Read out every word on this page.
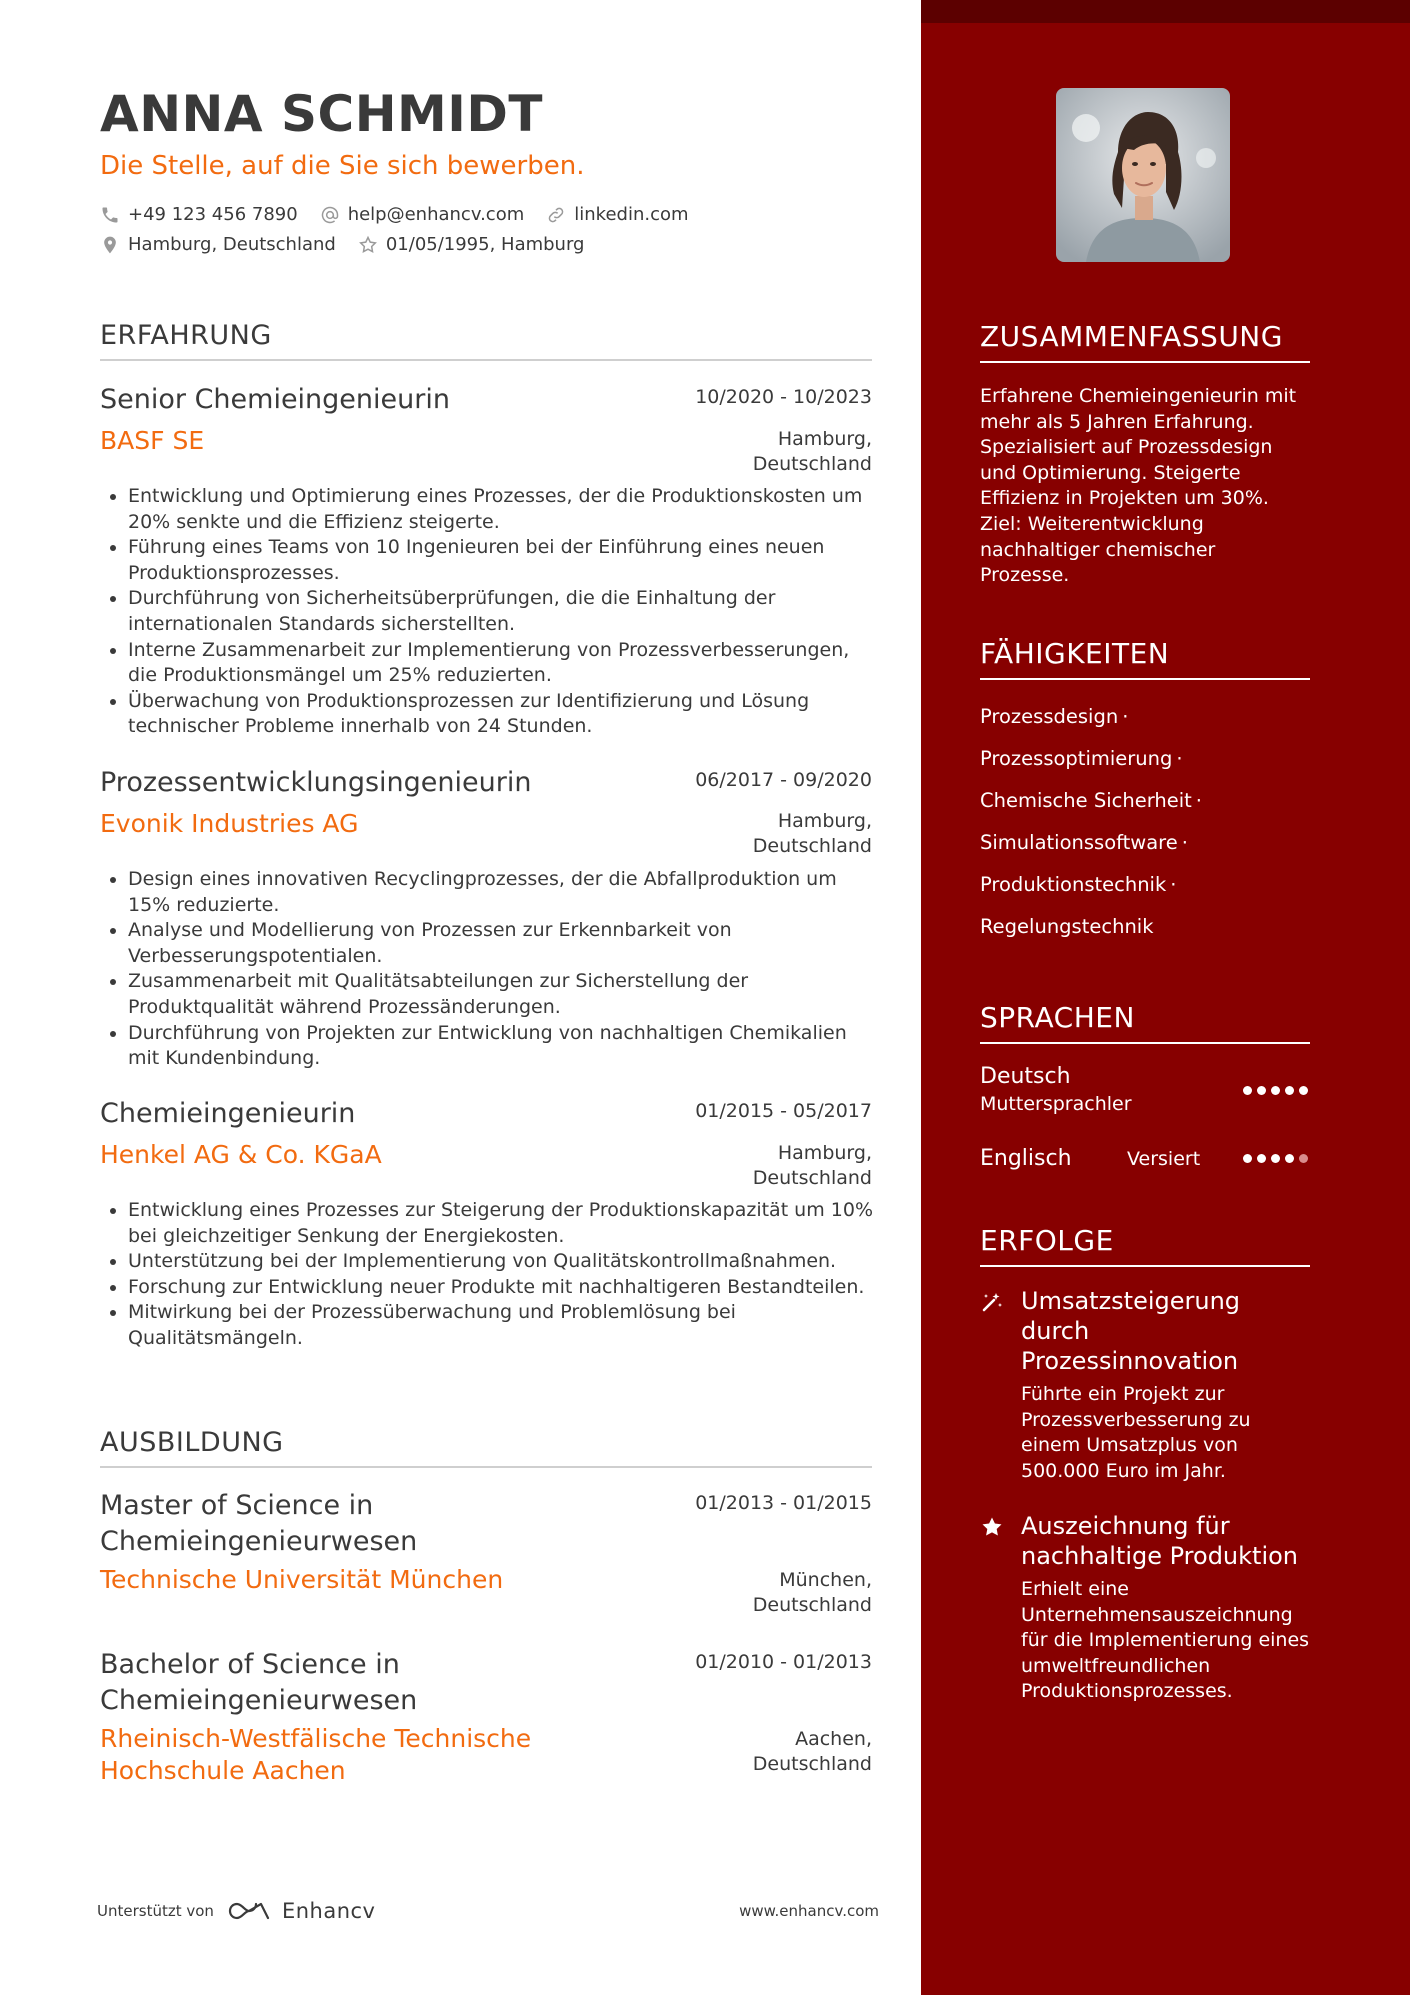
ANNA SCHMIDT
Die Stelle, auf die Sie sich bewerben.
+49 123 456 7890	help@enhancv.com	linkedin.com
Hamburg, Deutschland	01/05/1995, Hamburg
ERFAHRUNG
Senior Chemieingenieurin	10/2020 - 10/2023
BASF SE	Hamburg,
Deutschland
• Entwicklung und Optimierung eines Prozesses, der die Produktionskosten um 20% senkte und die Effizienz steigerte.
• Führung eines Teams von 10 Ingenieuren bei der Einführung eines neuen Produktionsprozesses.
• Durchführung von Sicherheitsüberprüfungen, die die Einhaltung der internationalen Standards sicherstellten.
• Interne Zusammenarbeit zur Implementierung von Prozessverbesserungen, die Produktionsmängel um 25% reduzierten.
• Überwachung von Produktionsprozessen zur Identifizierung und Lösung technischer Probleme innerhalb von 24 Stunden.
Prozessentwicklungsingenieurin	06/2017 - 09/2020
Evonik Industries AG	Hamburg,
Deutschland
• Design eines innovativen Recyclingprozesses, der die Abfallproduktion um 15% reduzierte.
• Analyse und Modellierung von Prozessen zur Erkennbarkeit von Verbesserungspotentialen.
• Zusammenarbeit mit Qualitätsabteilungen zur Sicherstellung der Produktqualität während Prozessänderungen.
• Durchführung von Projekten zur Entwicklung von nachhaltigen Chemikalien mit Kundenbindung.
Chemieingenieurin	01/2015 - 05/2017
Henkel AG & Co. KGaA	Hamburg,
Deutschland
• Entwicklung eines Prozesses zur Steigerung der Produktionskapazität um 10% bei gleichzeitiger Senkung der Energiekosten.
• Unterstützung bei der Implementierung von Qualitätskontrollmaßnahmen.
• Forschung zur Entwicklung neuer Produkte mit nachhaltigeren Bestandteilen.
• Mitwirkung bei der Prozessüberwachung und Problemlösung bei Qualitätsmängeln.
AUSBILDUNG
Master of Science in Chemieingenieurwesen
01/2013 - 01/2015
Technische Universität München	München,
Deutschland
Bachelor of Science in Chemieingenieurwesen
01/2010 - 01/2013
Rheinisch-Westfälische Technische Hochschule Aachen
Aachen,
Deutschland
Unterstützt von	Enhancv	www.enhancv.com
ZUSAMMENFASSUNG
Erfahrene Chemieingenieurin mit mehr als 5 Jahren Erfahrung. Spezialisiert auf Prozessdesign und Optimierung. Steigerte Effizienz in Projekten um 30%. Ziel: Weiterentwicklung nachhaltiger chemischer Prozesse.
FÄHIGKEITEN
Prozessdesign ·
Prozessoptimierung ·
Chemische Sicherheit ·
Simulationssoftware ·
Produktionstechnik ·
Regelungstechnik
SPRACHEN
Deutsch
Muttersprachler
Englisch	Versiert
ERFOLGE
Umsatzsteigerung durch Prozessinnovation
Führte ein Projekt zur Prozessverbesserung zu einem Umsatzplus von 500.000 Euro im Jahr.
Auszeichnung für nachhaltige Produktion
Erhielt eine Unternehmensauszeichnung für die Implementierung eines umweltfreundlichen Produktionsprozesses.
